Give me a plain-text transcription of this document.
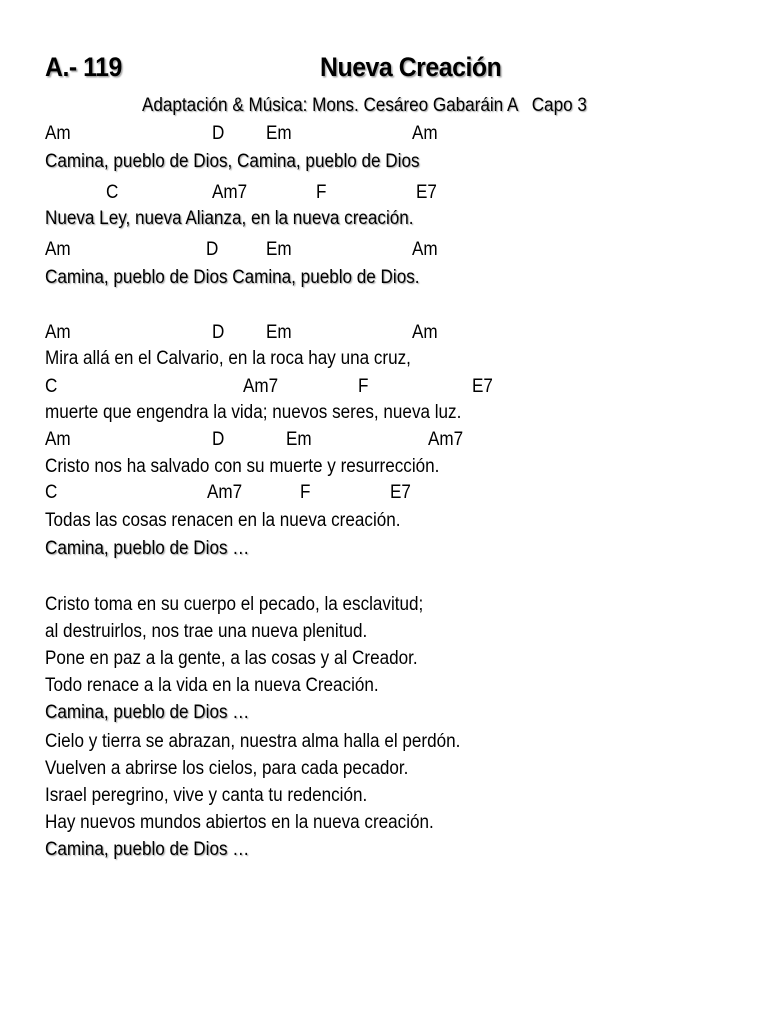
A.- 119	Nueva Creación
Adaptación & Música: Mons. Cesáreo Gabaráin A   Capo 3
Am	D Em	Am
Camina, pueblo de Dios, Camina, pueblo de Dios
C	Am7	F	E7
Nueva Ley, nueva Alianza, en la nueva creación.
Am	D	Em	Am
Camina, pueblo de Dios Camina, pueblo de Dios.
Am	D Em	Am
Mira allá en el Calvario, en la roca hay una cruz,
C	Am7	F	E7
muerte que engendra la vida; nuevos seres, nueva luz.
Am	D	Em	Am7
Cristo nos ha salvado con su muerte y resurrección.
C	Am7	F	E7
Todas las cosas renacen en la nueva creación.
Camina, pueblo de Dios …
Cristo toma en su cuerpo el pecado, la esclavitud;
al destruirlos, nos trae una nueva plenitud.
Pone en paz a la gente, a las cosas y al Creador.
Todo renace a la vida en la nueva Creación.
Camina, pueblo de Dios …
Cielo y tierra se abrazan, nuestra alma halla el perdón.
Vuelven a abrirse los cielos, para cada pecador.
Israel peregrino, vive y canta tu redención.
Hay nuevos mundos abiertos en la nueva creación.
Camina, pueblo de Dios …
